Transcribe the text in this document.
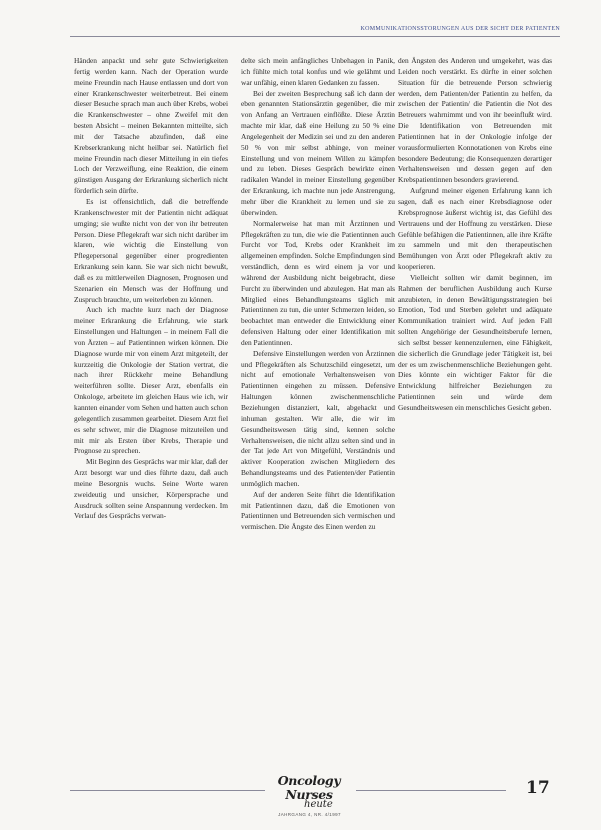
KOMMUNIKATIONSSTÖRUNGEN AUS DER SICHT DER PATIENTEN

Händen anpackt und sehr gute Schwierigkeiten fertig werden kann. Nach der Operation wurde meine Freundin nach Hause entlassen und dort von einer Krankenschwester weiterbetreut. Bei einem dieser Besuche sprach man auch über Krebs, wobei die Krankenschwester – ohne Zweifel mit den besten Absicht – meinen Bekannten mitteilte, sich mit der Tatsache abzufinden, daß eine Krebserkrankung nicht heilbar sei. Natürlich fiel meine Freundin nach dieser Mitteilung in ein tiefes Loch der Verzweiflung, eine Reaktion, die einem günstigen Ausgang der Erkrankung sicherlich nicht förderlich sein dürfte.

Es ist offensichtlich, daß die betreffende Krankenschwester mit der Patientin nicht adäquat umging; sie wußte nicht von der von ihr betreuten Person. Diese Pflegekraft war sich nicht darüber im klaren, wie wichtig die Einstellung von Pflegepersonal gegenüber einer progredienten Erkrankung sein kann. Sie war sich nicht bewußt, daß es zu mittlerweilen Diagnosen, Prognosen und Szenarien ein Mensch was der Hoffnung und Zuspruch brauchte, um weiterleben zu können.

Auch ich machte kurz nach der Diagnose meiner Erkrankung die Erfahrung, wie stark Einstellungen und Haltungen – in meinem Fall die von Ärzten – auf Patientinnen wirken können. Die Diagnose wurde mir von einem Arzt mitgeteilt, der kurzzeitig die Onkologie der Station vertrat, die nach ihrer Rückkehr meine Behandlung weiterführen sollte. Dieser Arzt, ebenfalls ein Onkologe, arbeitete im gleichen Haus wie ich, wir kannten einander vom Sehen und hatten auch schon gelegentlich zusammen gearbeitet. Diesem Arzt fiel es sehr schwer, mir die Diagnose mitzuteilen und mit mir als Ersten über Krebs, Therapie und Prognose zu sprechen.

Mit Beginn des Gesprächs war mir klar, daß der Arzt besorgt war und dies führte dazu, daß auch meine Besorgnis wuchs. Seine Worte waren zweideutig und unsicher, Körpersprache und Ausdruck sollten seine Anspannung verdecken. Im Verlauf des Gesprächs verwan-

delte sich mein anfängliches Unbehagen in Panik, ich fühlte mich total konfus und wie gelähmt und war unfähig, einen klaren Gedanken zu fassen.

Bei der zweiten Besprechung saß ich dann der eben genannten Stationsärztin gegenüber, die mir von Anfang an Vertrauen einflößte. Diese Ärztin machte mir klar, daß eine Heilung zu 50 % eine Angelegenheit der Medizin sei und zu den anderen 50 % von mir selbst abhinge, von meiner Einstellung und von meinem Willen zu kämpfen und zu leben. Dieses Gespräch bewirkte einen radikalen Wandel in meiner Einstellung gegenüber der Erkrankung, ich machte nun jede Anstrengung, mehr über die Krankheit zu lernen und sie zu überwinden.

Normalerweise hat man mit Ärztinnen und Pflegekräften zu tun, die wie die Patientinnen auch Furcht vor Tod, Krebs oder Krankheit im allgemeinen empfinden. Solche Empfindungen sind verständlich, denn es wird einem ja vor und während der Ausbildung nicht beigebracht, diese Furcht zu überwinden und abzulegen. Hat man als Mitglied eines Behandlungsteams täglich mit Patientinnen zu tun, die unter Schmerzen leiden, so beobachtet man entweder die Entwicklung einer defensiven Haltung oder einer Identifikation mit den Patientinnen.

Defensive Einstellungen werden von Ärztinnen und Pflegekräften als Schutzschild eingesetzt, um nicht auf emotionale Verhaltensweisen von Patientinnen eingehen zu müssen. Defensive Haltungen können zwischenmenschliche Beziehungen distanziert, kalt, abgehackt und inhuman gestalten. Wir alle, die wir im Gesundheitswesen tätig sind, kennen solche Verhaltensweisen, die nicht allzu selten sind und in der Tat jede Art von Mitgefühl, Verständnis und aktiver Kooperation zwischen Mitgliedern des Behandlungsteams und des Patienten/der Patientin unmöglich machen.

Auf der anderen Seite führt die Identifikation mit Patientinnen dazu, daß die Emotionen von Patientinnen und Betreuenden sich vermischen und vermischen. Die Ängste des Einen werden zu

den Ängsten des Anderen und umgekehrt, was das Leiden noch verstärkt. Es dürfte in einer solchen Situation für die betreuende Person schwierig werden, dem Patienten/der Patientin zu helfen, da zwischen der Patientin/ die Patientin die Not des Betreuers wahrnimmt und von ihr beeinflußt wird. Die Identifikation von Betreuenden mit Patientinnen hat in der Onkologie infolge der vorausformulierten Konnotationen von Krebs eine besondere Bedeutung; die Konsequenzen derartiger Verhaltensweisen und dessen gegen auf den Krebspatientinnen besonders gravierend.

Aufgrund meiner eigenen Erfahrung kann ich sagen, daß es nach einer Krebsdiagnose oder Krebsprognose äußerst wichtig ist, das Gefühl des Vertrauens und der Hoffnung zu verstärken. Diese Gefühle befähigen die Patientinnen, alle ihre Kräfte zu sammeln und mit den therapeutischen Bemühungen von Ärzt oder Pflegekraft aktiv zu kooperieren.

Vielleicht sollten wir damit beginnen, im Rahmen der beruflichen Ausbildung auch Kurse anzubieten, in denen Bewältigungsstrategien bei Emotion, Tod und Sterben gelehrt und adäquate Kommunikation trainiert wird. Auf jeden Fall sollten Angehörige der Gesundheitsberufe lernen, sich selbst besser kennenzulernen, eine Fähigkeit, die sicherlich die Grundlage jeder Tätigkeit ist, bei der es um zwischenmenschliche Beziehungen geht. Dies könnte ein wichtiger Faktor für die Entwicklung hilfreicher Beziehungen zu Patientinnen sein und würde dem Gesundheitswesen ein menschliches Gesicht geben.

Oncology Nurses
heute
JAHRGANG 4, NR. 4/1997
17
